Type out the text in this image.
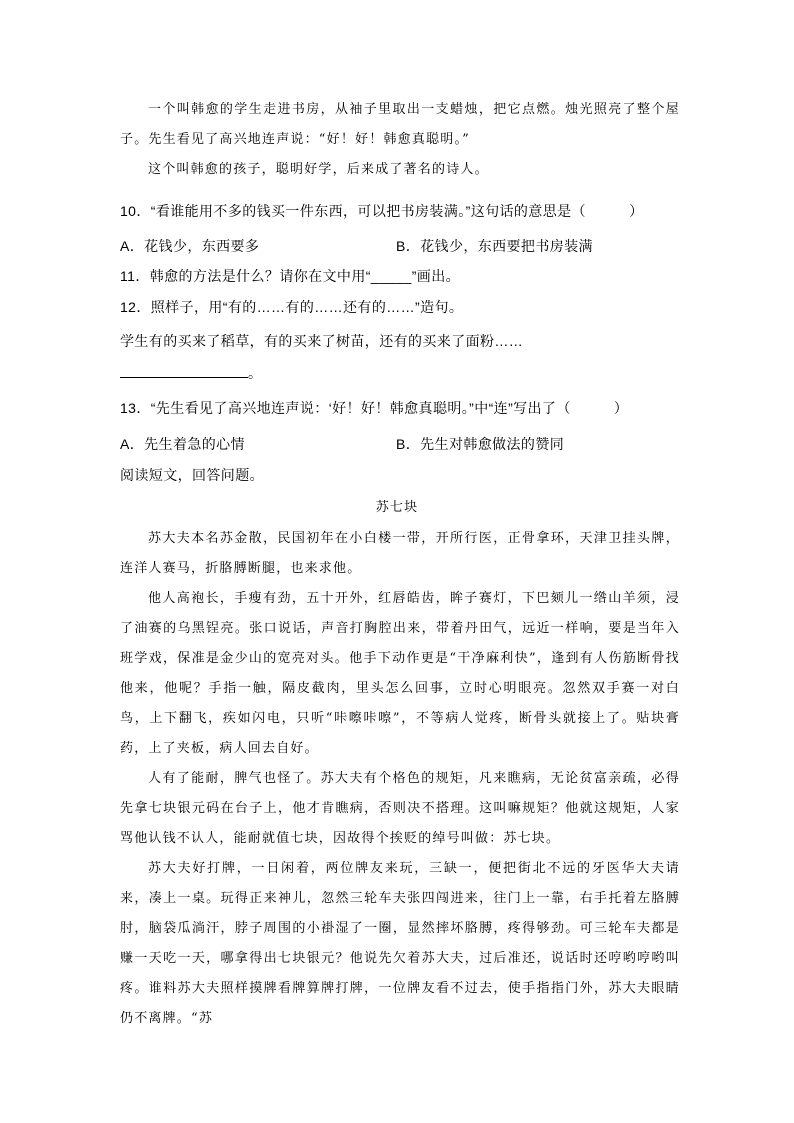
一个叫韩愈的学生走进书房，从袖子里取出一支蜡烛，把它点燃。烛光照亮了整个屋子。先生看见了高兴地连声说：“好！好！韩愈真聪明。”

这个叫韩愈的孩子，聪明好学，后来成了著名的诗人。

10．“看谁能用不多的钱买一件东西，可以把书房装满。”这句话的意思是（　　　）
A．花钱少，东西要多	B．花钱少，东西要把书房装满
11．韩愈的方法是什么？请你在文中用“_____”画出。
12．照样子，用“有的……有的……还有的……”造句。
学生有的买来了稻草，有的买来了树苗，还有的买来了面粉……
。
13．“先生看见了高兴地连声说：‘好！好！韩愈真聪明。”中“连”写出了（　　　）
A．先生着急的心情	B．先生对韩愈做法的赞同
阅读短文，回答问题。
苏七块

苏大夫本名苏金散，民国初年在小白楼一带，开所行医，正骨拿环，天津卫挂头牌，连洋人赛马，折胳膊断腿，也来求他。

他人高袍长，手瘦有劲，五十开外，红唇皓齿，眸子赛灯，下巴颏儿一绺山羊须，浸了油赛的乌黑锃亮。张口说话，声音打胸腔出来，带着丹田气，远近一样响，要是当年入班学戏，保准是金少山的宽亮对头。他手下动作更是“干净麻利快”，逢到有人伤筋断骨找他来，他呢？手指一触，隔皮截肉，里头怎么回事，立时心明眼亮。忽然双手赛一对白鸟，上下翻飞，疾如闪电，只听“咔嚓咔嚓”，不等病人觉疼，断骨头就接上了。贴块膏药，上了夹板，病人回去自好。

人有了能耐，脾气也怪了。苏大夫有个格色的规矩，凡来瞧病，无论贫富亲疏，必得先拿七块银元码在台子上，他才肯瞧病，否则决不搭理。这叫嘛规矩？他就这规矩，人家骂他认钱不认人，能耐就值七块，因故得个挨贬的绰号叫做：苏七块。

苏大夫好打牌，一日闲着，两位牌友来玩，三缺一，便把街北不远的牙医华大夫请来，凑上一桌。玩得正来神儿，忽然三轮车夫张四闯进来，往门上一靠，右手托着左胳膊肘，脑袋瓜淌汗，脖子周围的小褂湿了一圈，显然摔坏胳膊，疼得够劲。可三轮车夫都是赚一天吃一天，哪拿得出七块银元？他说先欠着苏大夫，过后准还，说话时还哼哟哼哟叫疼。谁料苏大夫照样摸牌看牌算牌打牌，一位牌友看不过去，使手指指门外，苏大夫眼睛仍不离牌。“苏
